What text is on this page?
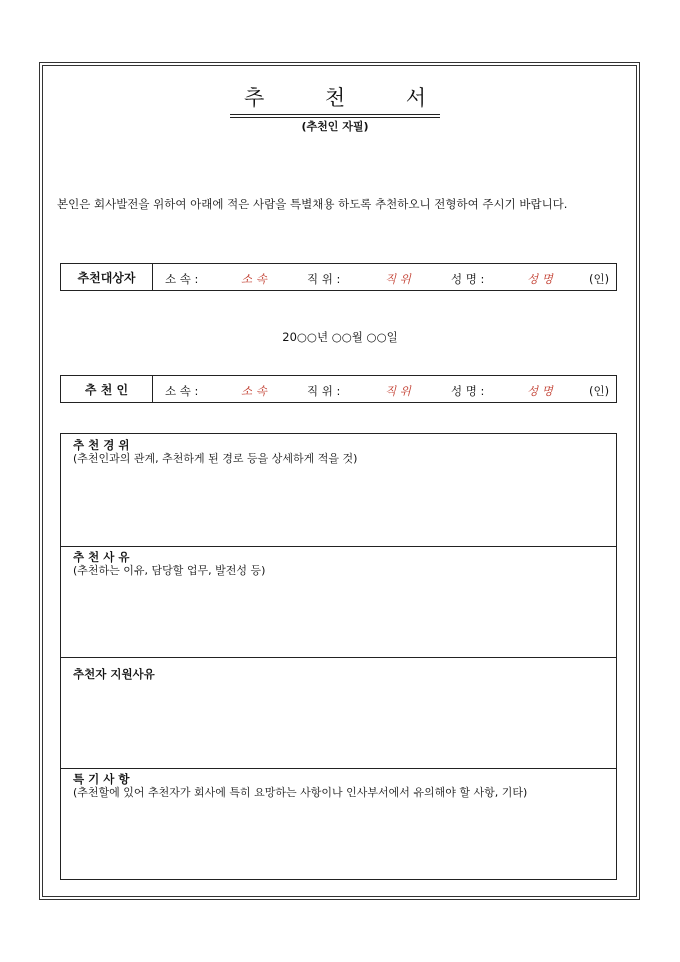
추	천	서
(추천인 자필)
본인은 회사발전을 위하여 아래에 적은 사람을 특별채용 하도록 추천하오니 전형하여 주시기 바랍니다.
추천대상자	소 속 :	소 속	직 위 :	직 위	성 명 :	성 명	(인)
20○○년 ○○월 ○○일
추 천 인	소 속 :	소 속	직 위 :	직 위	성 명 :	성 명	(인)
추 천 경 위
(추천인과의 관계, 추천하게 된 경로 등을 상세하게 적을 것)
추 천 사 유
(추천하는 이유, 담당할 업무, 발전성 등)
추천자 지원사유
특 기 사 항
(추천할에 있어 추천자가 회사에 특히 요망하는 사항이나 인사부서에서 유의해야 할 사항, 기타)
